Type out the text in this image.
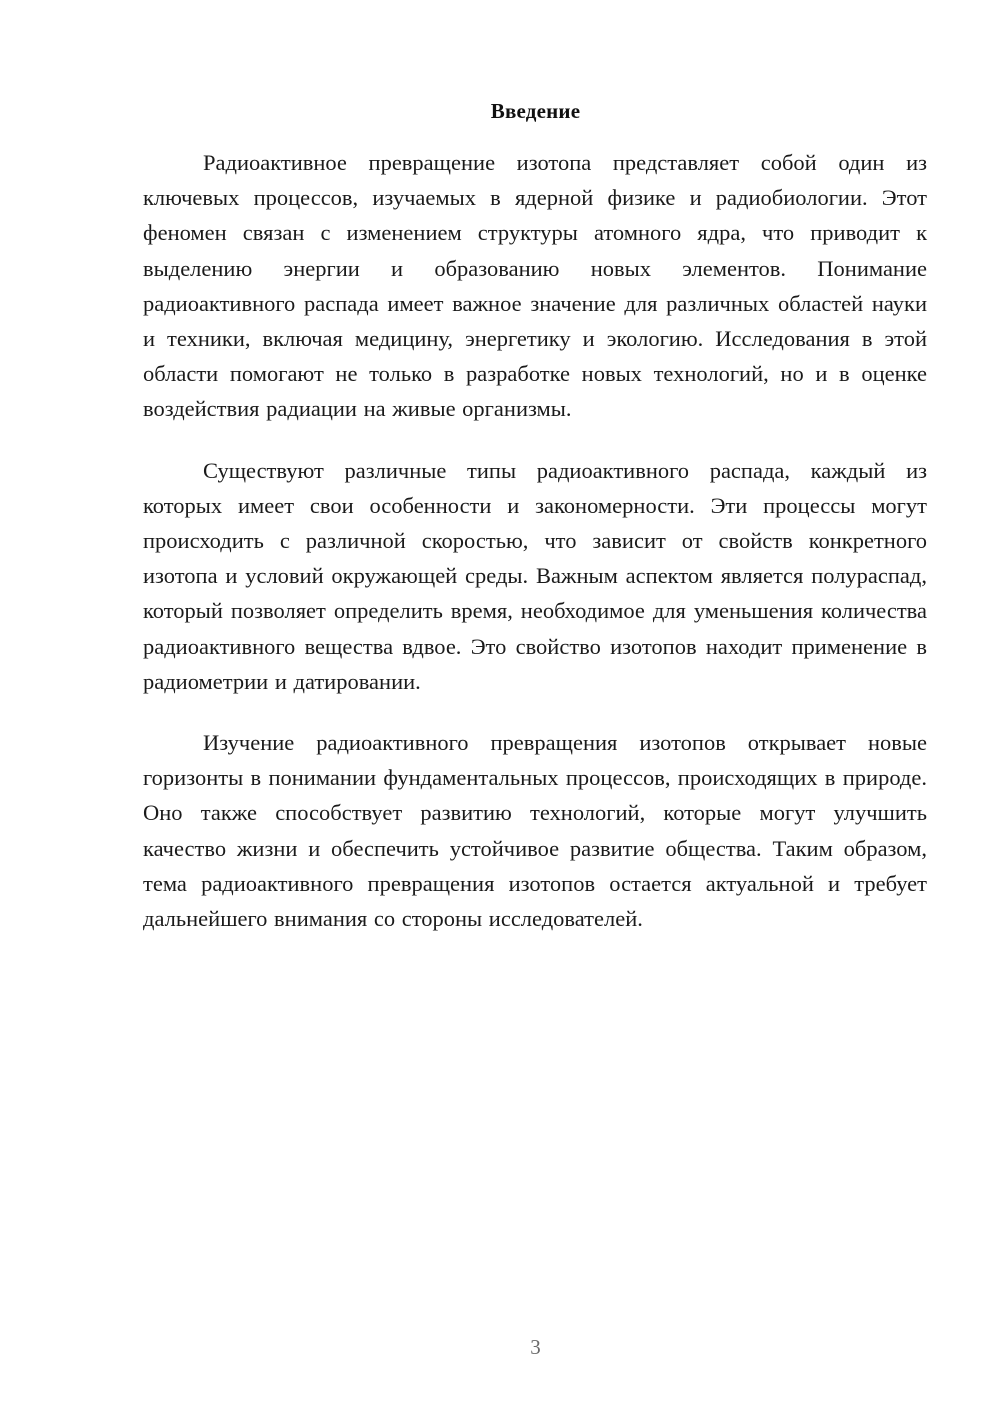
Введение

Радиоактивное превращение изотопа представляет собой один из ключевых процессов, изучаемых в ядерной физике и радиобиологии. Этот феномен связан с изменением структуры атомного ядра, что приводит к выделению энергии и образованию новых элементов. Понимание радиоактивного распада имеет важное значение для различных областей науки и техники, включая медицину, энергетику и экологию. Исследования в этой области помогают не только в разработке новых технологий, но и в оценке воздействия радиации на живые организмы.

Существуют различные типы радиоактивного распада, каждый из которых имеет свои особенности и закономерности. Эти процессы могут происходить с различной скоростью, что зависит от свойств конкретного изотопа и условий окружающей среды. Важным аспектом является полураспад, который позволяет определить время, необходимое для уменьшения количества радиоактивного вещества вдвое. Это свойство изотопов находит применение в радиометрии и датировании.

Изучение радиоактивного превращения изотопов открывает новые горизонты в понимании фундаментальных процессов, происходящих в природе. Оно также способствует развитию технологий, которые могут улучшить качество жизни и обеспечить устойчивое развитие общества. Таким образом, тема радиоактивного превращения изотопов остается актуальной и требует дальнейшего внимания со стороны исследователей.

3
